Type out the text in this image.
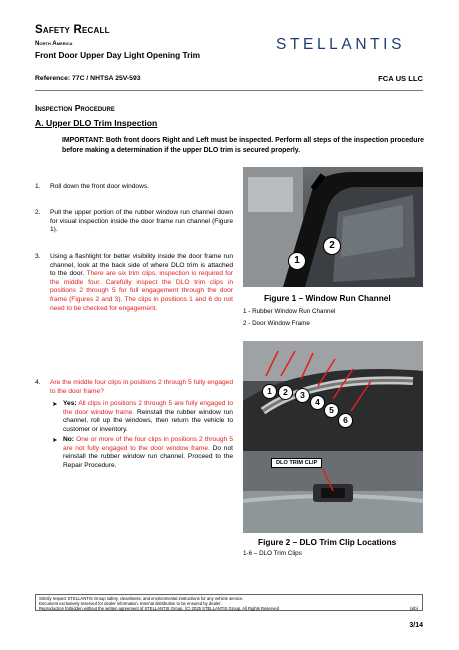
Safety Recall
North America
Front Door Upper Day Light Opening Trim
STELLANTIS
Reference: 77C / NHTSA 25V-593	FCA US LLC
Inspection Procedure
A. Upper DLO Trim Inspection
IMPORTANT: Both front doors Right and Left must be inspected. Perform all steps of the inspection procedure before making a determination if the upper DLO trim is secured properly.
1. Roll down the front door windows.
2. Pull the upper portion of the rubber window run channel down for visual inspection inside the door frame run channel (Figure 1).
3. Using a flashlight for better visibility inside the door frame run channel, look at the back side of where DLO trim is attached to the door. There are six trim clips, inspection is required for the middle four. Carefully inspect the DLO trim clips in positions 2 through 5 for full engagement through the door frame (Figures 2 and 3). The clips in positions 1 and 6 do not need to be checked for engagement.
4. Are the middle four clips in positions 2 through 5 fully engaged to the door frame?
➤ Yes: All clips in positions 2 through 5 are fully engaged to the door window frame. Reinstall the rubber window run channel, roll up the windows, then return the vehicle to customer or inventory.
➤ No: One or more of the four clips in positions 2 through 5 are not fully engaged to the door window frame. Do not reinstall the rubber window run channel. Proceed to the Repair Procedure.
1
2
Figure 1 – Window Run Channel
1 - Rubber Window Run Channel
2 - Door Window Frame
1	2	3
4
5
6
DLO TRIM CLIP
Figure 2 – DLO Trim Clip Locations
1-6 – DLO Trim Clips
Strictly respect STELLANTIS Group safety, cleanliness, and environmental instructions for any vehicle service.
Document exclusively reserved for dealer information. Internal distribution to be ensured by dealer.
Reproduction forbidden without the written agreement of STELLANTIS Group. (C) 2025 STELLANTIS Group. All Rights Reserved	(xlb)
3/14
